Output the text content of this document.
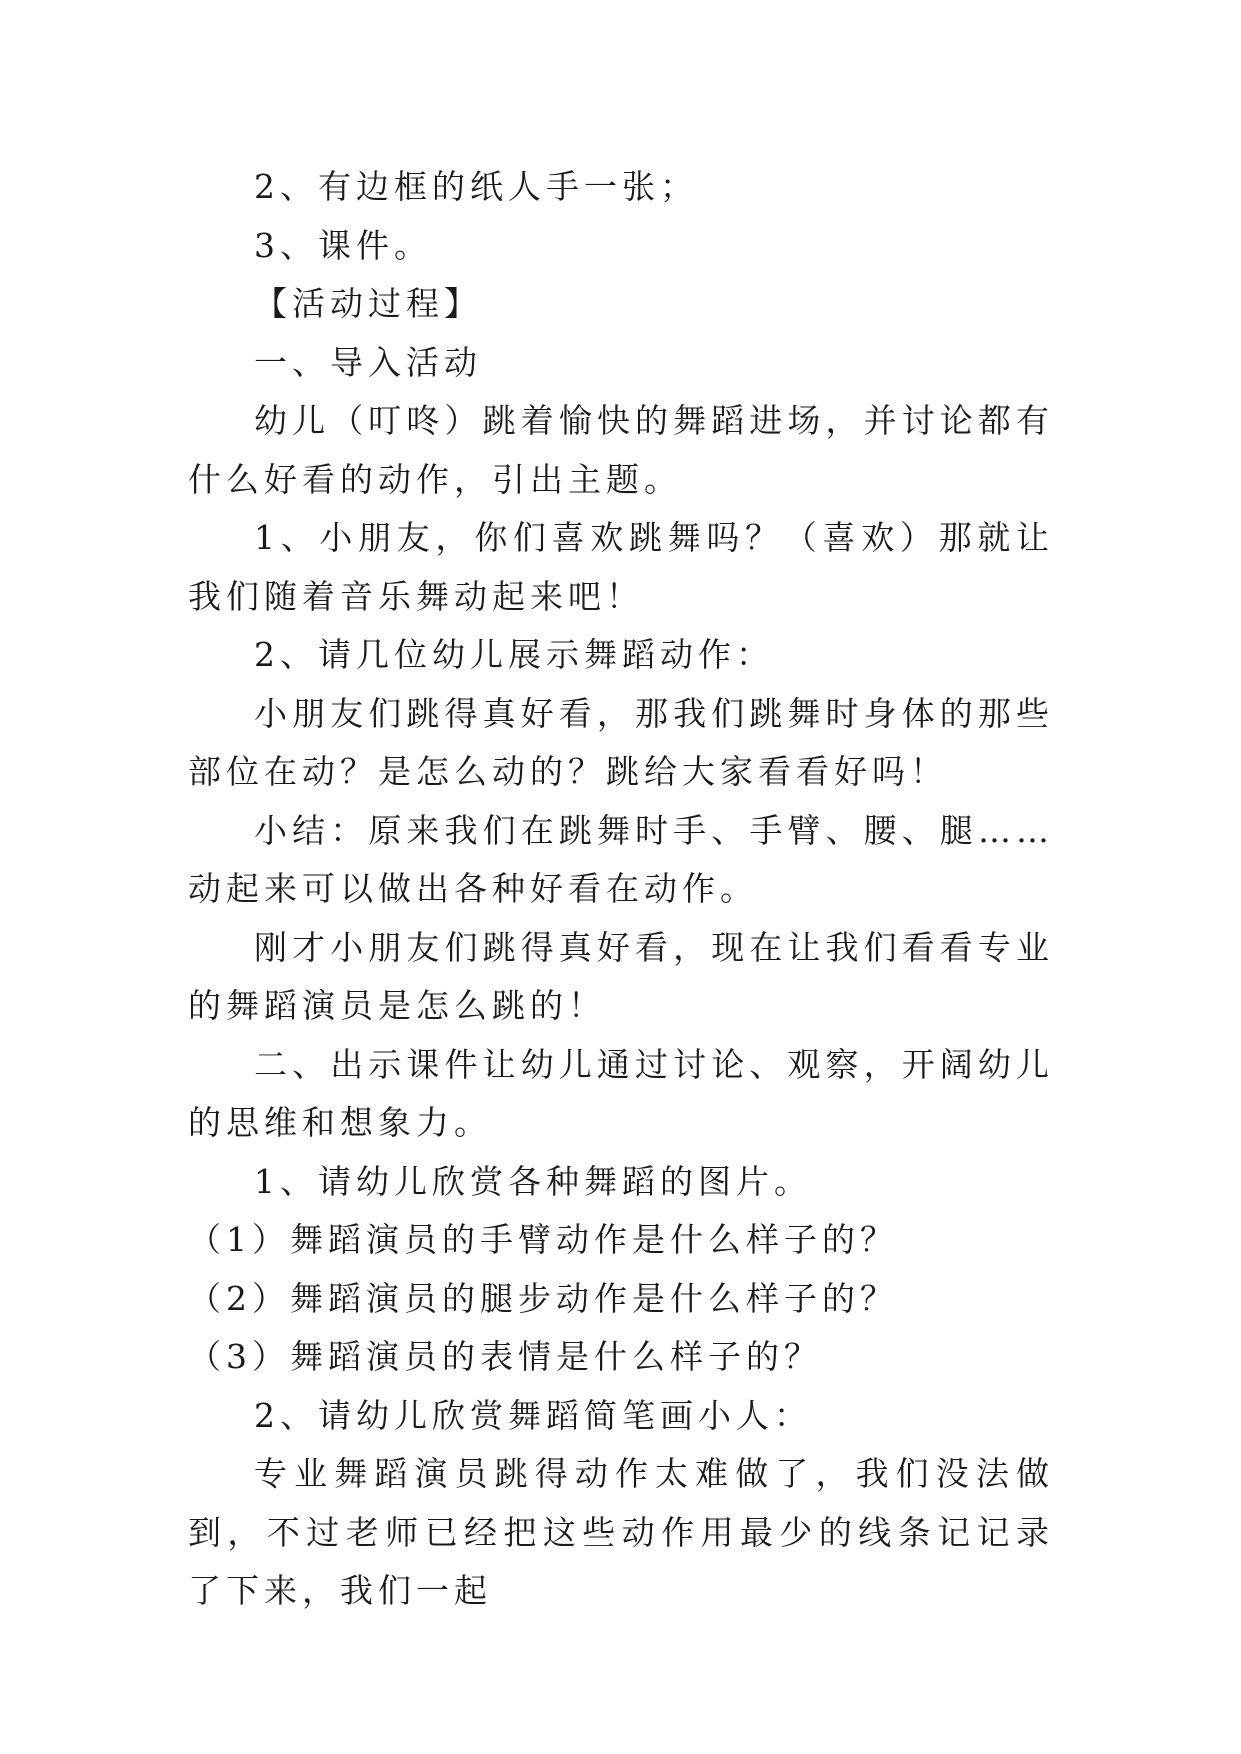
2、有边框的纸人手一张；

3、课件。

【活动过程】

一、导入活动

幼儿（叮咚）跳着愉快的舞蹈进场，并讨论都有什么好看的动作，引出主题。

1、小朋友，你们喜欢跳舞吗？（喜欢）那就让我们随着音乐舞动起来吧！

2、请几位幼儿展示舞蹈动作：

小朋友们跳得真好看，那我们跳舞时身体的那些部位在动？是怎么动的？跳给大家看看好吗！

小结：原来我们在跳舞时手、手臂、腰、腿……动起来可以做出各种好看在动作。

刚才小朋友们跳得真好看，现在让我们看看专业的舞蹈演员是怎么跳的！

二、出示课件让幼儿通过讨论、观察，开阔幼儿的思维和想象力。

1、请幼儿欣赏各种舞蹈的图片。

（1）舞蹈演员的手臂动作是什么样子的？

（2）舞蹈演员的腿步动作是什么样子的？

（3）舞蹈演员的表情是什么样子的？

2、请幼儿欣赏舞蹈简笔画小人：

专业舞蹈演员跳得动作太难做了，我们没法做到，不过老师已经把这些动作用最少的线条记记录了下来，我们一起
